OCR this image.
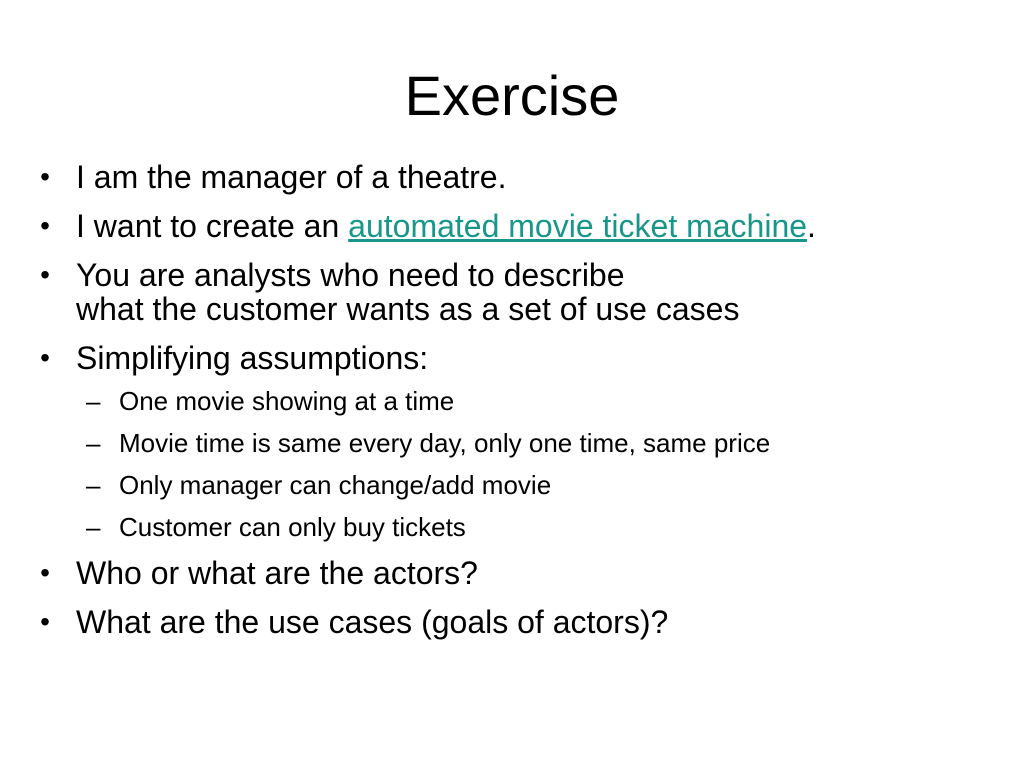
Exercise
• I am the manager of a theatre.
• I want to create an automated movie ticket machine.
• You are analysts who need to describe
what the customer wants as a set of use cases
• Simplifying assumptions:
– One movie showing at a time
– Movie time is same every day, only one time, same price
– Only manager can change/add movie
– Customer can only buy tickets
• Who or what are the actors?
• What are the use cases (goals of actors)?
